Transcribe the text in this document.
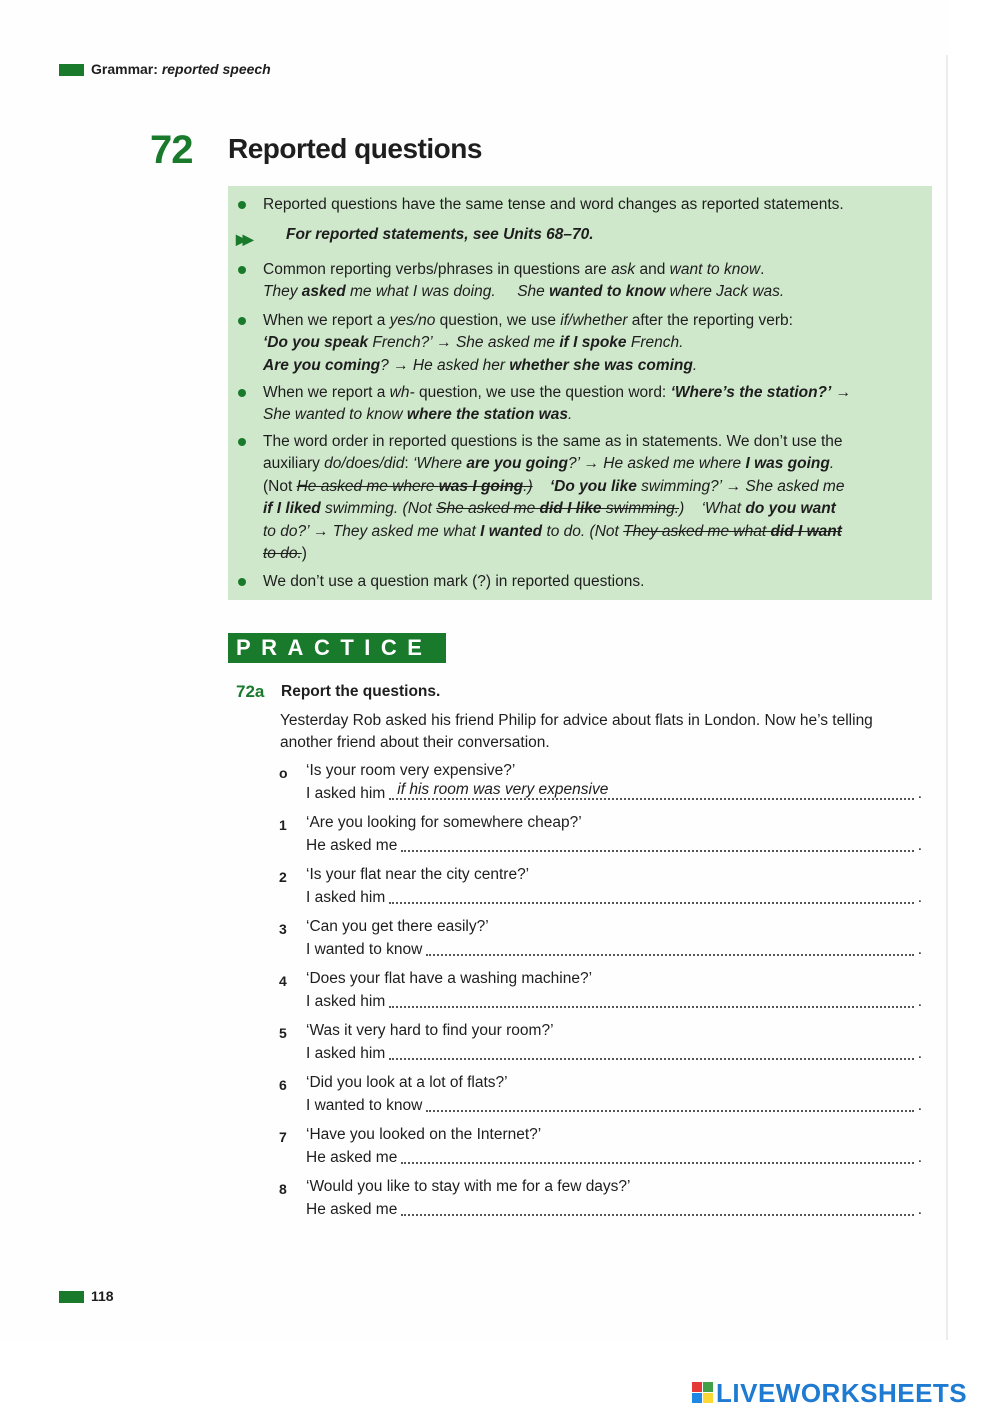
Grammar: reported speech
72 Reported questions
Reported questions have the same tense and word changes as reported statements.
▶▶ For reported statements, see Units 68–70.
Common reporting verbs/phrases in questions are ask and want to know.
They asked me what I was doing. She wanted to know where Jack was.
When we report a yes/no question, we use if/whether after the reporting verb:
‘Do you speak French?’ → She asked me if I spoke French.
Are you coming? → He asked her whether she was coming.
When we report a wh- question, we use the question word: ‘Where’s the station?’ →
She wanted to know where the station was.
The word order in reported questions is the same as in statements. We don’t use the
auxiliary do/does/did: ‘Where are you going?’ → He asked me where I was going.
(Not He asked me where was I going.) ‘Do you like swimming?’ → She asked me
if I liked swimming. (Not She asked me did I like swimming.) ‘What do you want
to do?’ → They asked me what I wanted to do. (Not They asked me what did I want
to do.)
We don’t use a question mark (?) in reported questions.
PRACTICE
72a Report the questions.
Yesterday Rob asked his friend Philip for advice about flats in London. Now he’s telling another friend about their conversation.
o ‘Is your room very expensive?’
I asked him if his room was very expensive	.
1 ‘Are you looking for somewhere cheap?’
He asked me	.
2 ‘Is your flat near the city centre?’
I asked him	.
3 ‘Can you get there easily?’
I wanted to know	.
4 ‘Does your flat have a washing machine?’
I asked him	.
5 ‘Was it very hard to find your room?’
I asked him	.
6 ‘Did you look at a lot of flats?’
I wanted to know	.
7 ‘Have you looked on the Internet?’
He asked me	.
8 ‘Would you like to stay with me for a few days?’
He asked me	.
118
LIVEWORKSHEETS
